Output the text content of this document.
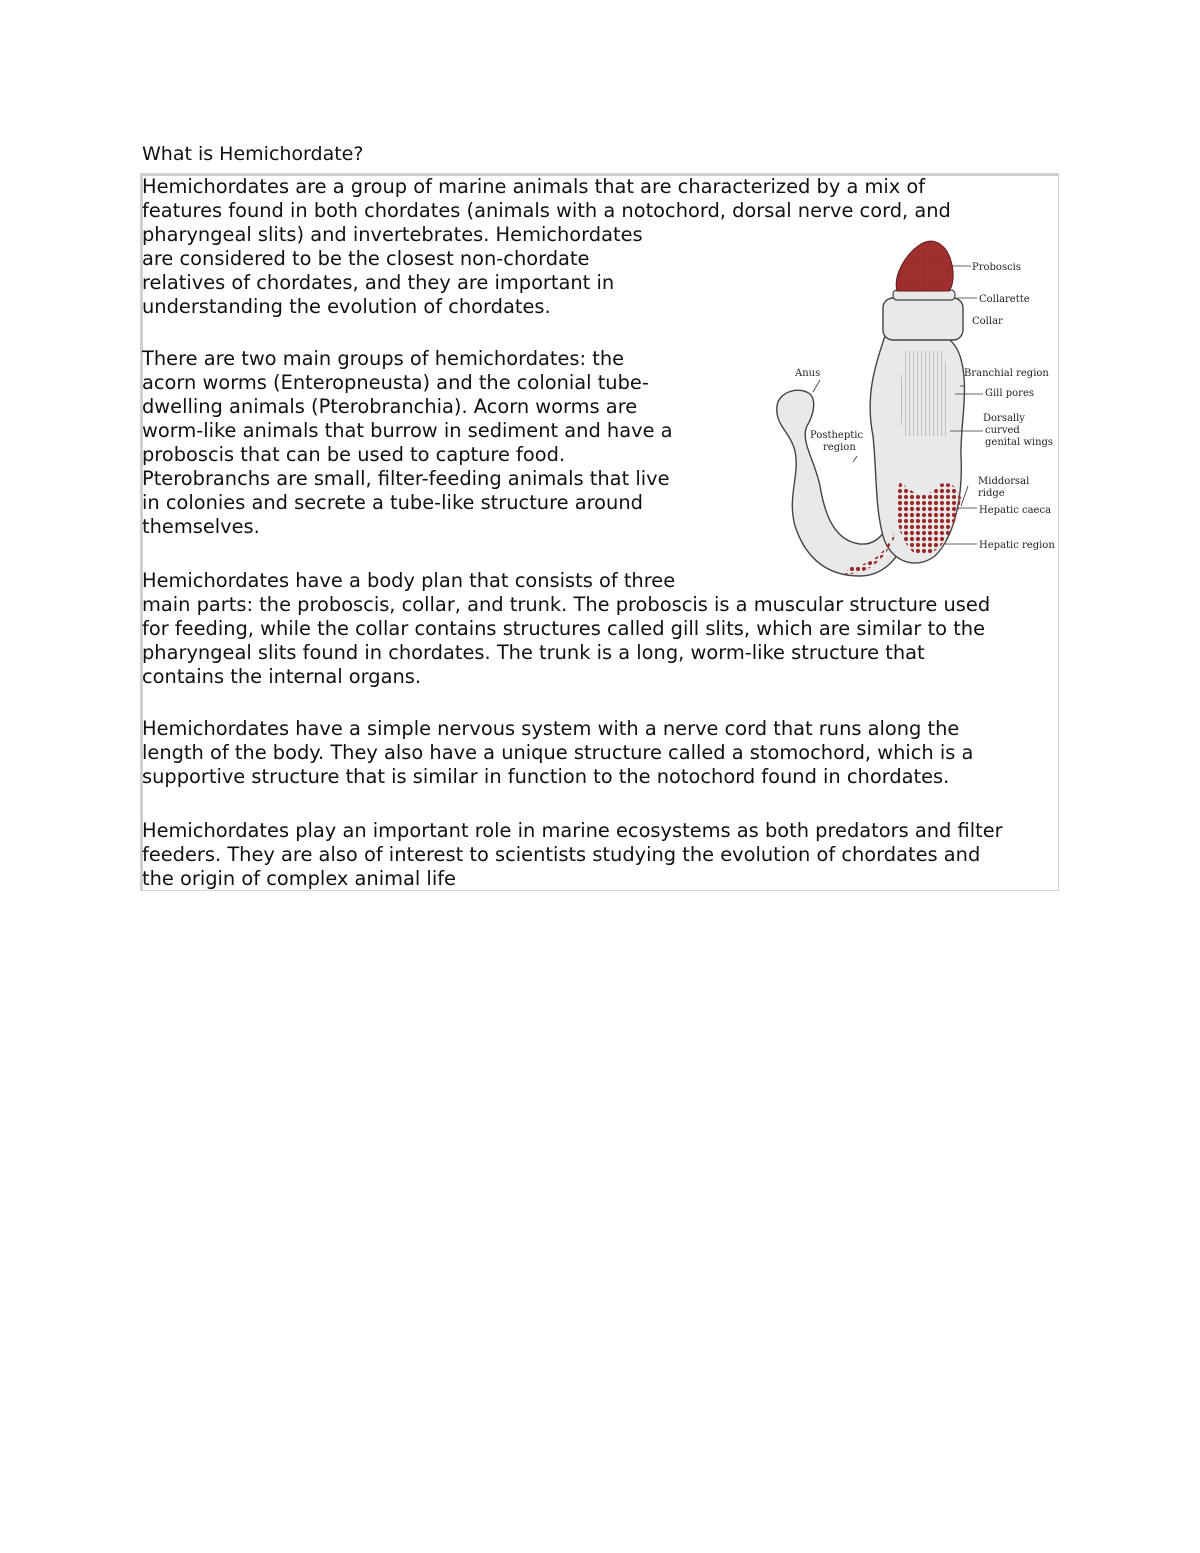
What is Hemichordate?

Hemichordates are a group of marine animals that are characterized by a mix of

features found in both chordates (animals with a notochord, dorsal nerve cord, and

pharyngeal slits) and invertebrates. Hemichordates

are considered to be the closest non-chordate

relatives of chordates, and they are important in

understanding the evolution of chordates.

There are two main groups of hemichordates: the

acorn worms (Enteropneusta) and the colonial tube-

dwelling animals (Pterobranchia). Acorn worms are

worm-like animals that burrow in sediment and have a

proboscis that can be used to capture food.

Pterobranchs are small, filter-feeding animals that live

in colonies and secrete a tube-like structure around

themselves.

Hemichordates have a body plan that consists of three

main parts: the proboscis, collar, and trunk. The proboscis is a muscular structure used

for feeding, while the collar contains structures called gill slits, which are similar to the

pharyngeal slits found in chordates. The trunk is a long, worm-like structure that

contains the internal organs.

Hemichordates have a simple nervous system with a nerve cord that runs along the

length of the body. They also have a unique structure called a stomochord, which is a

supportive structure that is similar in function to the notochord found in chordates.

Hemichordates play an important role in marine ecosystems as both predators and filter

feeders. They are also of interest to scientists studying the evolution of chordates and

the origin of complex animal life

Proboscis
Collarette
Collar
Anus	Branchial region
Gill pores
Dorsally
curved
genital wings
Postheptic
region
Middorsal
ridge
Hepatic caeca
Hepatic region
